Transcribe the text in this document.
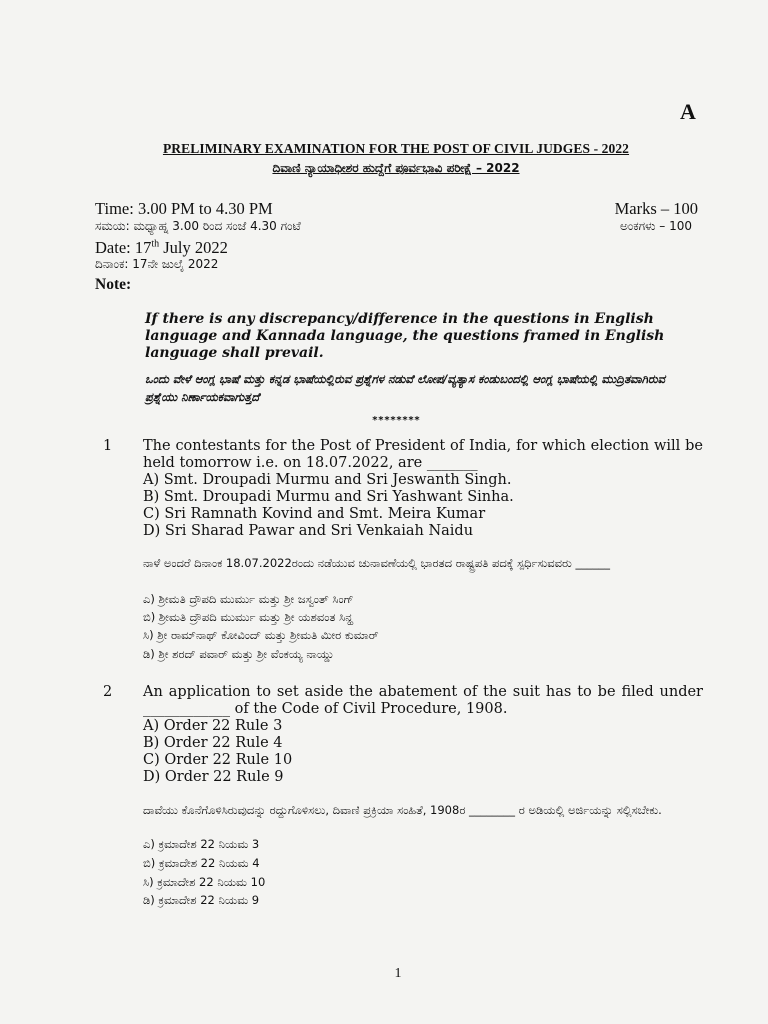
A
PRELIMINARY EXAMINATION FOR THE POST OF CIVIL JUDGES - 2022
ದಿವಾಣಿ ನ್ಯಾಯಾಧೀಶರ ಹುದ್ದೆಗೆ ಪೂರ್ವಭಾವಿ ಪರೀಕ್ಷೆ – 2022
Time: 3.00 PM to 4.30 PM
ಸಮಯ: ಮಧ್ಯಾಹ್ನ 3.00 ರಿಂದ ಸಂಜೆ 4.30 ಗಂಟೆ
Marks – 100
ಅಂಕಗಳು – 100
Date: 17th July 2022
ದಿನಾಂಕ: 17ನೇ ಜುಲೈ 2022
Note:
If there is any discrepancy/difference in the questions in English language and Kannada language, the questions framed in English language shall prevail.
ಒಂದು ವೇಳೆ ಆಂಗ್ಲ ಭಾಷೆ ಮತ್ತು ಕನ್ನಡ ಭಾಷೆಯಲ್ಲಿರುವ ಪ್ರಶ್ನೆಗಳ ನಡುವೆ ಲೋಪ/ವ್ಯತ್ಯಾಸ ಕಂಡುಬಂದಲ್ಲಿ ಆಂಗ್ಲ ಭಾಷೆಯಲ್ಲಿ ಮುದ್ರಿತವಾಗಿರುವ ಪ್ರಶ್ನೆಯು ನಿರ್ಣಾಯಕವಾಗುತ್ತದೆ
********
1 The contestants for the Post of President of India, for which election will be held tomorrow i.e. on 18.07.2022, are _______
A) Smt. Droupadi Murmu and Sri Jeswanth Singh.
B) Smt. Droupadi Murmu and Sri Yashwant Sinha.
C) Sri Ramnath Kovind and Smt. Meira Kumar
D) Sri Sharad Pawar and Sri Venkaiah Naidu
ನಾಳೆ ಅಂದರೆ ದಿನಾಂಕ 18.07.2022ರಂದು ನಡೆಯುವ ಚುನಾವಣೆಯಲ್ಲಿ ಭಾರತದ ರಾಷ್ಟ್ರಪತಿ ಪದಕ್ಕೆ ಸ್ಪರ್ಧಿಸುವವರು ______
ಎ) ಶ್ರೀಮತಿ ದ್ರೌಪದಿ ಮುರ್ಮು ಮತ್ತು ಶ್ರೀ ಜಸ್ವಂತ್ ಸಿಂಗ್
ಬಿ) ಶ್ರೀಮತಿ ದ್ರೌಪದಿ ಮುರ್ಮು ಮತ್ತು ಶ್ರೀ ಯಶವಂತ ಸಿನ್ಹ
ಸಿ) ಶ್ರೀ ರಾಮ್‌ನಾಥ್ ಕೋವಿಂದ್ ಮತ್ತು ಶ್ರೀಮತಿ ಮೀರ ಕುಮಾರ್
ಡಿ) ಶ್ರೀ ಶರದ್ ಪವಾರ್ ಮತ್ತು ಶ್ರೀ ವೆಂಕಯ್ಯ ನಾಯ್ಡು
2 An application to set aside the abatement of the suit has to be filed under ____________ of the Code of Civil Procedure, 1908.
A) Order 22 Rule 3
B) Order 22 Rule 4
C) Order 22 Rule 10
D) Order 22 Rule 9
ದಾವೆಯು ಕೊನೆಗೊಳಿಸಿರುವುದನ್ನು ರದ್ದುಗೊಳಿಸಲು, ದಿವಾಣಿ ಪ್ರಕ್ರಿಯಾ ಸಂಹಿತೆ, 1908ರ ________ ರ ಅಡಿಯಲ್ಲಿ ಅರ್ಜಿಯನ್ನು ಸಲ್ಲಿಸಬೇಕು.
ಎ) ಕ್ರಮಾದೇಶ 22 ನಿಯಮ 3
ಬಿ) ಕ್ರಮಾದೇಶ 22 ನಿಯಮ 4
ಸಿ) ಕ್ರಮಾದೇಶ 22 ನಿಯಮ 10
ಡಿ) ಕ್ರಮಾದೇಶ 22 ನಿಯಮ 9
1
